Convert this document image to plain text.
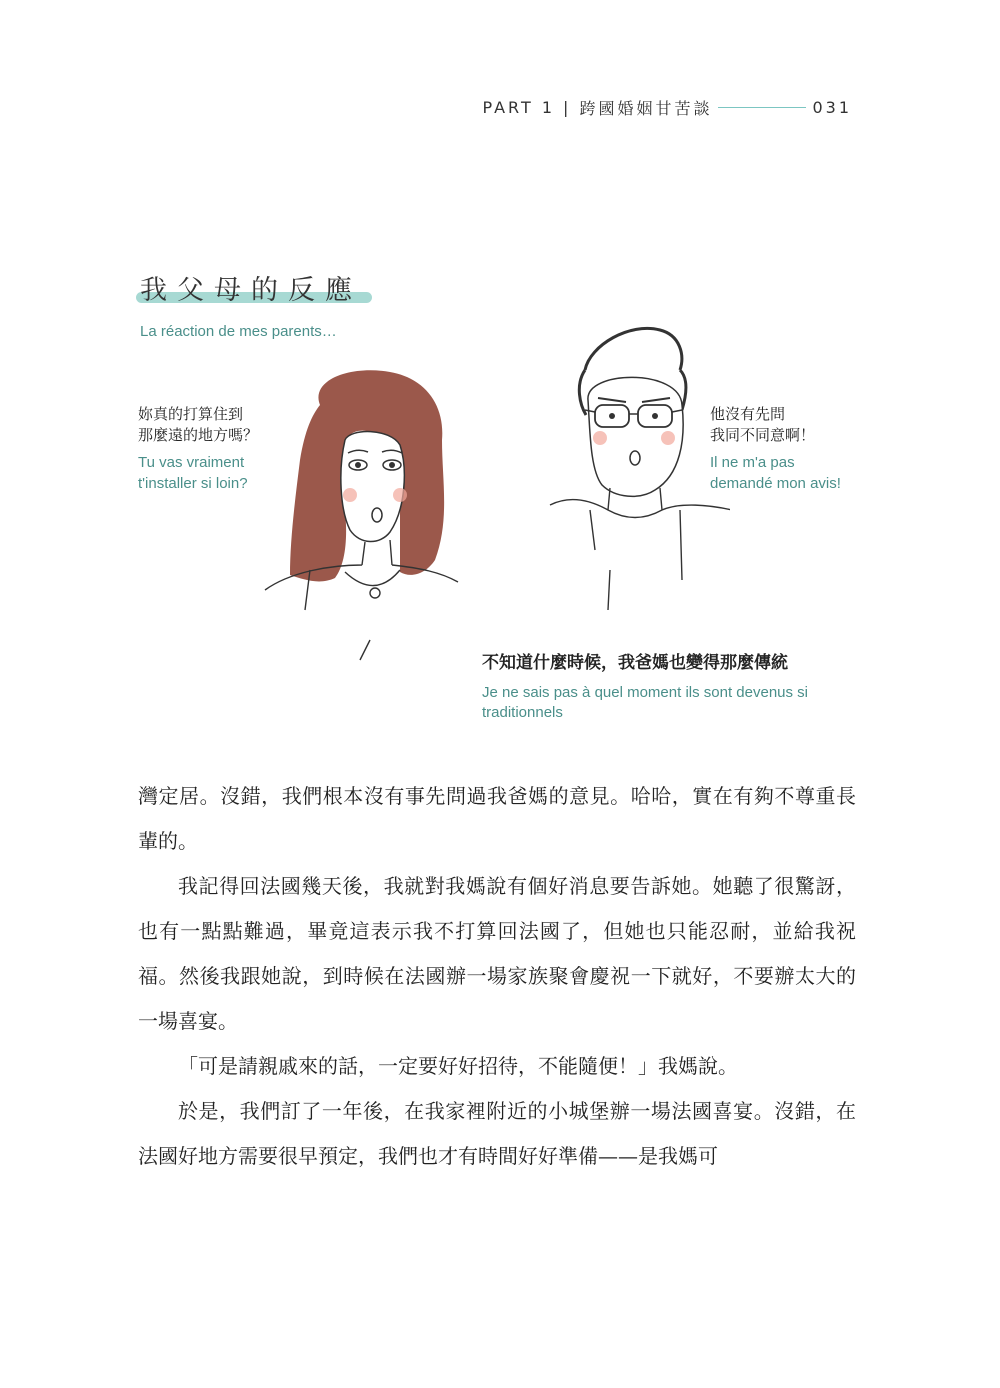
PART 1 | 跨國婚姻甘苦談	031
我父母的反應
La réaction de mes parents…
妳真的打算住到
那麼遠的地方嗎？
Tu vas vraiment
t'installer si loin?
他沒有先問
我同不同意啊！
Il ne m'a pas
demandé mon avis!
不知道什麼時候，我爸媽也變得那麼傳統
Je ne sais pas à quel moment ils sont devenus si traditionnels

灣定居。沒錯，我們根本沒有事先問過我爸媽的意見。哈哈，實在有夠不尊重長輩的。

我記得回法國幾天後，我就對我媽說有個好消息要告訴她。她聽了很驚訝，也有一點點難過，畢竟這表示我不打算回法國了，但她也只能忍耐，並給我祝福。然後我跟她說，到時候在法國辦一場家族聚會慶祝一下就好，不要辦太大的一場喜宴。

「可是請親戚來的話，一定要好好招待，不能隨便！」我媽說。

於是，我們訂了一年後，在我家裡附近的小城堡辦一場法國喜宴。沒錯，在法國好地方需要很早預定，我們也才有時間好好準備——是我媽可
